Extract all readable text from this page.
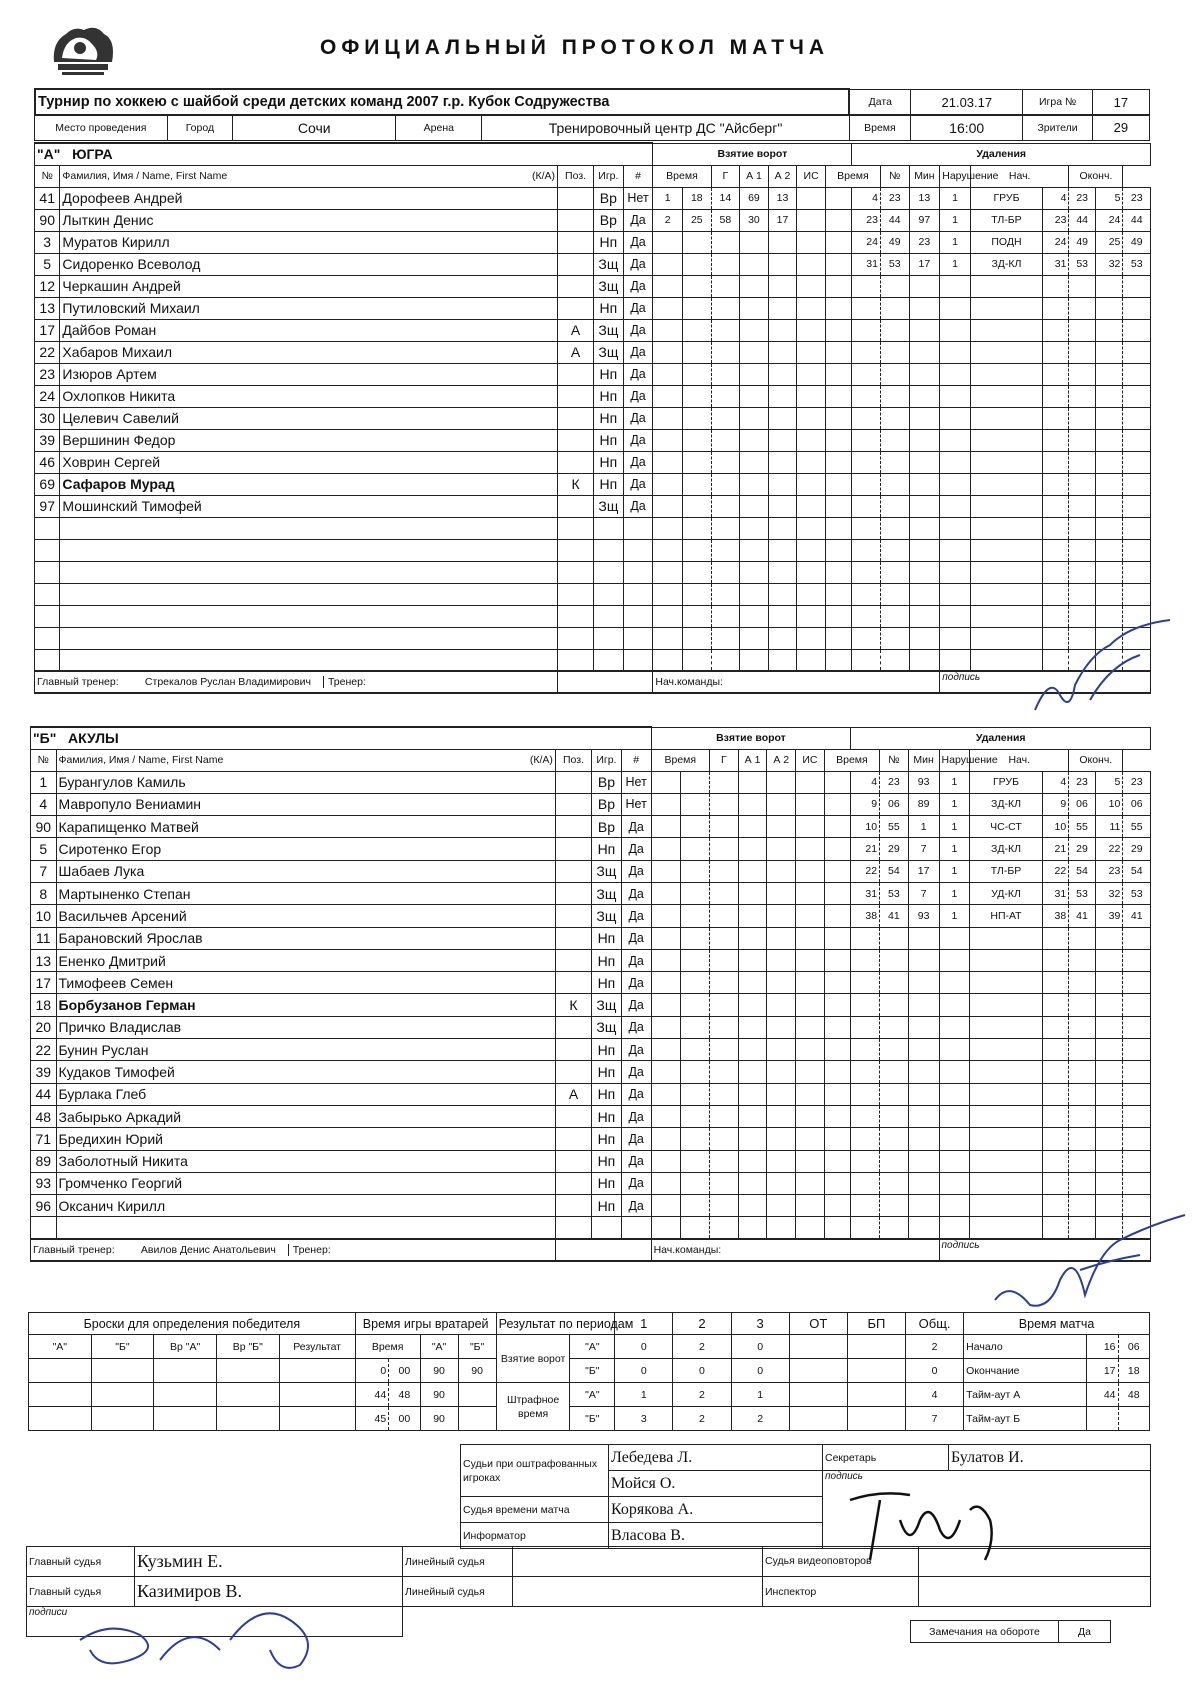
ОФИЦИАЛЬНЫЙ ПРОТОКОЛ МАТЧА
Турнир по хоккею с шайбой среди детских команд 2007 г.р. Кубок Содружества	Дата	21.03.17	Игра №	17
Место проведения	Город	Сочи	Арена	Тренировочный центр ДС "Айсберг"	Время	16:00	Зрители	29
"А" ЮГРА					Взятие ворот							Удаления								
№	Фамилия, Имя / Name, First Name (К/А)	Поз.	Игр.	#	Время		Г	А 1	А 2	ИС	Время		№	Мин	Нарушение	Нач.		Оконч.		
41	Дорофеев Андрей		Вр	Нет	1	18	14	69	13			4	23	13	1	ГРУБ	4	23	5	23
90	Лыткин Денис		Вр	Да	2	25	58	30	17			23	44	97	1	ТЛ-БР	23	44	24	44
3	Муратов Кирилл		Нп	Да								24	49	23	1	ПОДН	24	49	25	49
5	Сидоренко Всеволод		Зщ	Да								31	53	17	1	ЗД-КЛ	31	53	32	53
12	Черкашин Андрей		Зщ	Да																
13	Путиловский Михаил		Нп	Да																
17	Дайбов Роман	А	Зщ	Да																
22	Хабаров Михаил	А	Зщ	Да																
23	Изюров Артем		Нп	Да																
24	Охлопков Никита		Нп	Да																
30	Целевич Савелий		Нп	Да																
39	Вершинин Федор		Нп	Да																
46	Ховрин Сергей		Нп	Да																
69	Сафаров Мурад	К	Нп	Да																
97	Мошинский Тимофей		Зщ	Да																

Главный тренер: Стрекалов Руслан Владимирович Тренер:					Нач.команды:										подпись					
"Б" АКУЛЫ					Взятие ворот							Удаления								
№	Фамилия, Имя / Name, First Name (К/А)	Поз.	Игр.	#	Время		Г	А 1	А 2	ИС	Время		№	Мин	Нарушение	Нач.		Оконч.		
1	Бурангулов Камиль		Вр	Нет								4	23	93	1	ГРУБ	4	23	5	23
4	Мавропуло Вениамин		Вр	Нет								9	06	89	1	ЗД-КЛ	9	06	10	06
90	Карапищенко Матвей		Вр	Да								10	55	1	1	ЧС-СТ	10	55	11	55
5	Сиротенко Егор		Нп	Да								21	29	7	1	ЗД-КЛ	21	29	22	29
7	Шабаев Лука		Зщ	Да								22	54	17	1	ТЛ-БР	22	54	23	54
8	Мартыненко Степан		Зщ	Да								31	53	7	1	УД-КЛ	31	53	32	53
10	Васильчев Арсений		Зщ	Да								38	41	93	1	НП-АТ	38	41	39	41
11	Барановский Ярослав		Нп	Да																
13	Ененко Дмитрий		Нп	Да																
17	Тимофеев Семен		Нп	Да																
18	Борбузанов Герман	К	Зщ	Да																
20	Причко Владислав		Зщ	Да																
22	Бунин Руслан		Нп	Да																
39	Кудаков Тимофей		Нп	Да																
44	Бурлака Глеб	А	Нп	Да																
48	Забырько Аркадий		Нп	Да																
71	Бредихин Юрий		Нп	Да																
89	Заболотный Никита		Нп	Да																
93	Громченко Георгий		Нп	Да																
96	Оксанич Кирилл		Нп	Да																

Главный тренер: Авилов Денис Анатольевич Тренер:					Нач.команды:										подпись					
Броски для определения победителя					Время игры вратарей				Результат по периодам		1	2	3	ОТ	БП	Общ.	Время матча		
"А"	"Б"	Вр "А"	Вр "Б"	Результат	Время		"А"	"Б"	Взятие ворот	"А"	0	2	0			2	Начало	16	06
					0	00	90	90		"Б"	0	0	0			0	Окончание	17	18
					44	48	90		Штрафное время	"А"	1	2	1			4	Тайм-аут А	44	48
					45	00	90			"Б"	3	2	2			7	Тайм-аут Б		
Судьи при оштрафованных игроках	Лебедева Л.	Секретарь	Булатов И.
	Мойся О.	подпись	
Судья времени матча	Корякова А.		
Информатор	Власова В.		
Главный судья	Кузьмин Е.	Линейный судья		Судья видеоповторов	
Главный судья	Казимиров В.	Линейный судья		Инспектор	
подписи					
Замечания на обороте	Да
